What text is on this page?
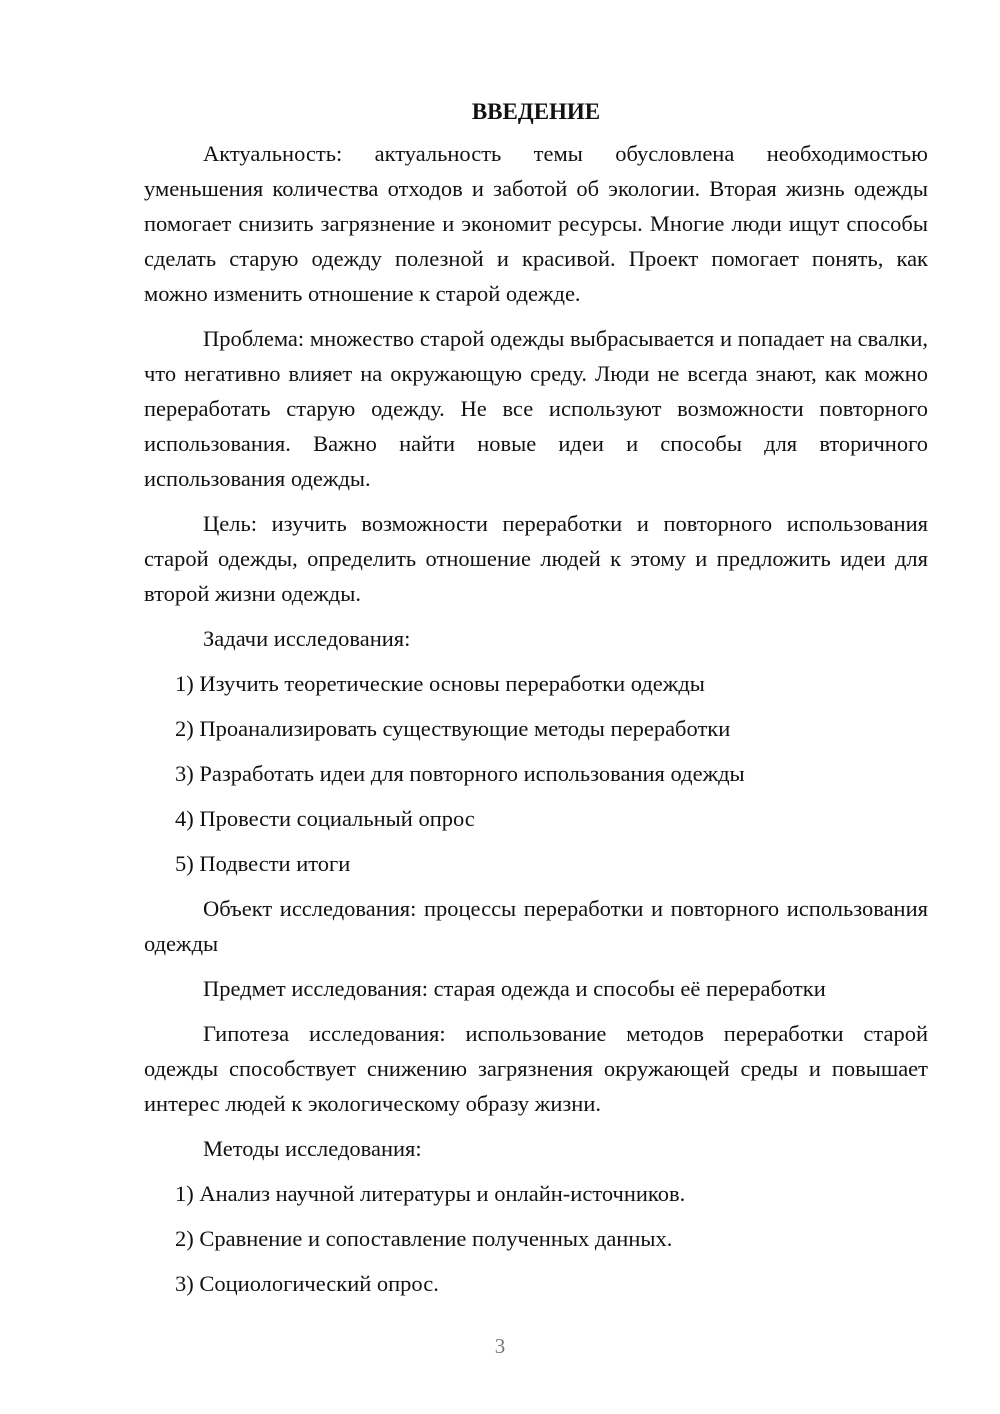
ВВЕДЕНИЕ

Актуальность: актуальность темы обусловлена необходимостью уменьшения количества отходов и заботой об экологии. Вторая жизнь одежды помогает снизить загрязнение и экономит ресурсы. Многие люди ищут способы сделать старую одежду полезной и красивой. Проект помогает понять, как можно изменить отношение к старой одежде.

Проблема: множество старой одежды выбрасывается и попадает на свалки, что негативно влияет на окружающую среду. Люди не всегда знают, как можно переработать старую одежду. Не все используют возможности повторного использования. Важно найти новые идеи и способы для вторичного использования одежды.

Цель: изучить возможности переработки и повторного использования старой одежды, определить отношение людей к этому и предложить идеи для второй жизни одежды.

Задачи исследования:

1) Изучить теоретические основы переработки одежды
2) Проанализировать существующие методы переработки
3) Разработать идеи для повторного использования одежды
4) Провести социальный опрос
5) Подвести итоги

Объект исследования: процессы переработки и повторного использования одежды

Предмет исследования: старая одежда и способы её переработки

Гипотеза исследования: использование методов переработки старой одежды способствует снижению загрязнения окружающей среды и повышает интерес людей к экологическому образу жизни.

Методы исследования:

1) Анализ научной литературы и онлайн-источников.
2) Сравнение и сопоставление полученных данных.
3) Социологический опрос.
3
